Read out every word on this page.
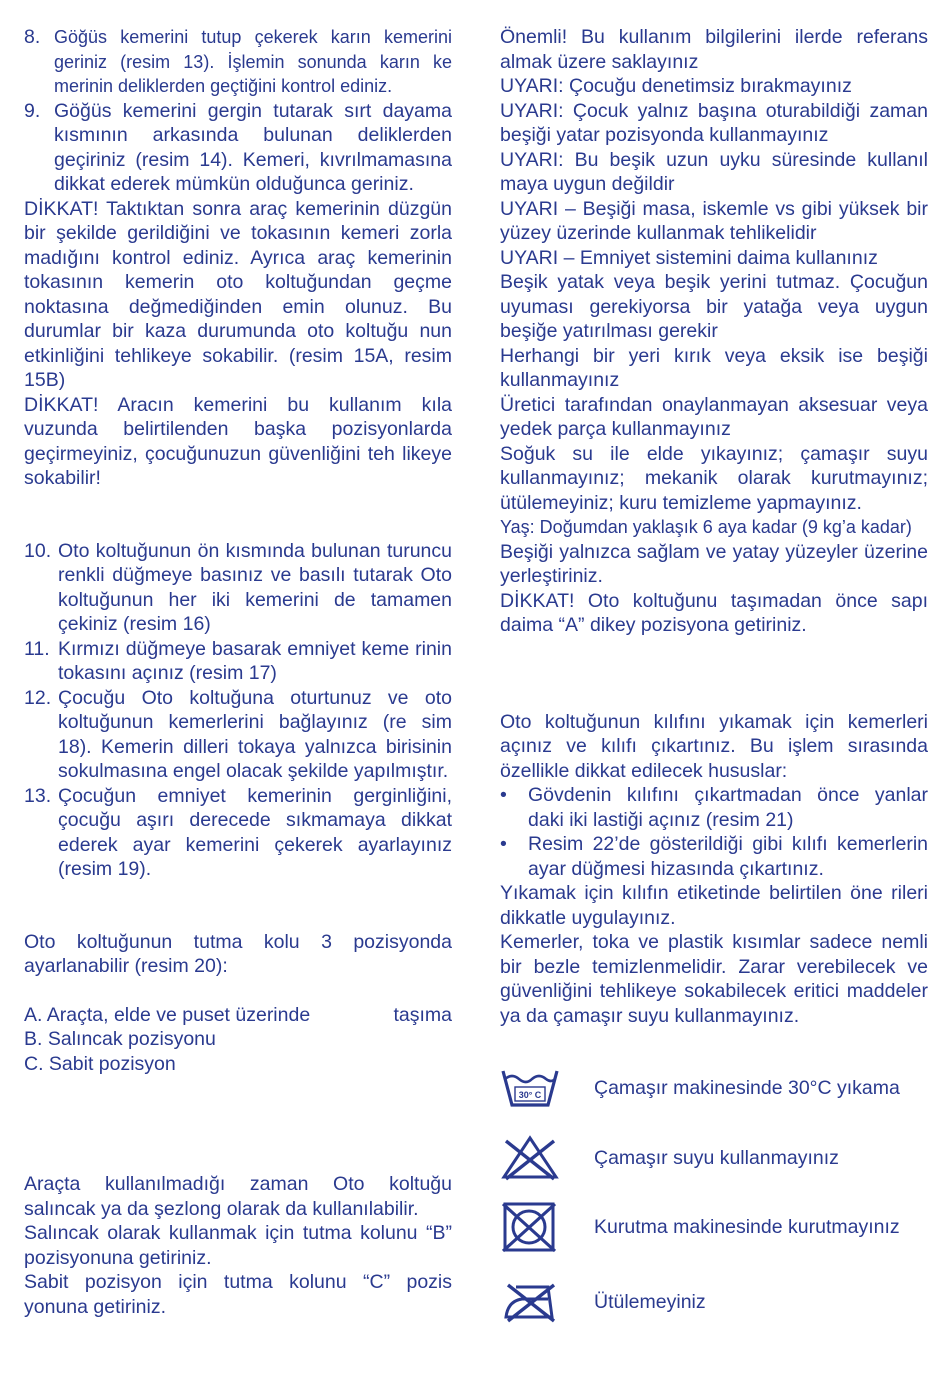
8. Göğüs kemerini tutup çekerek karın kemerini geriniz (resim 13). İşlemin sonunda karın ke merinin deliklerden geçtiğini kontrol ediniz.
9. Göğüs kemerini gergin tutarak sırt dayama kısmının arkasında bulunan deliklerden geçiriniz (resim 14). Kemeri, kıvrılmamasına dikkat ederek mümkün olduğunca geriniz.

DİKKAT! Taktıktan sonra araç kemerinin düzgün bir şekilde gerildiğini ve tokasının kemeri zorla madığını kontrol ediniz. Ayrıca araç kemerinin tokasının kemerin oto koltuğundan geçme noktasına değmediğinden emin olunuz. Bu durumlar bir kaza durumunda oto koltuğu nun etkinliğini tehlikeye sokabilir. (resim 15A, resim 15B)

DİKKAT! Aracın kemerini bu kullanım kıla vuzunda belirtilenden başka pozisyonlarda geçirmeyiniz, çocuğunuzun güvenliğini teh likeye sokabilir!

10. Oto koltuğunun ön kısmında bulunan turuncu renkli düğmeye basınız ve basılı tutarak Oto koltuğunun her iki kemerini de tamamen çekiniz (resim 16)
11. Kırmızı düğmeye basarak emniyet keme rinin tokasını açınız (resim 17)
12. Çocuğu Oto koltuğuna oturtunuz ve oto koltuğunun kemerlerini bağlayınız (re sim 18). Kemerin dilleri tokaya yalnızca birisinin sokulmasına engel olacak şekilde yapılmıştır.
13. Çocuğun emniyet kemerinin gerginliğini, çocuğu aşırı derecede sıkmamaya dikkat ederek ayar kemerini çekerek ayarlayınız (resim 19).

Oto koltuğunun tutma kolu 3 pozisyonda ayarlanabilir (resim 20):

A. Araçta, elde ve puset üzerinde	taşıma
B. Salıncak pozisyonu
C. Sabit pozisyon

Araçta kullanılmadığı zaman Oto koltuğu salıncak ya da şezlong olarak da kullanılabilir.

Salıncak olarak kullanmak için tutma kolunu “B” pozisyonuna getiriniz.

Sabit pozisyon için tutma kolunu “C” pozis yonuna getiriniz.

Önemli! Bu kullanım bilgilerini ilerde referans almak üzere saklayınız

UYARI: Çocuğu denetimsiz bırakmayınız

UYARI: Çocuk yalnız başına oturabildiği zaman beşiği yatar pozisyonda kullanmayınız

UYARI: Bu beşik uzun uyku süresinde kullanıl maya uygun değildir

UYARI – Beşiği masa, iskemle vs gibi yüksek bir yüzey üzerinde kullanmak tehlikelidir

UYARI – Emniyet sistemini daima kullanınız

Beşik yatak veya beşik yerini tutmaz. Çocuğun uyuması gerekiyorsa bir yatağa veya uygun beşiğe yatırılması gerekir

Herhangi bir yeri kırık veya eksik ise beşiği kullanmayınız

Üretici tarafından onaylanmayan aksesuar veya yedek parça kullanmayınız

Soğuk su ile elde yıkayınız; çamaşır suyu kullanmayınız; mekanik olarak kurutmayınız; ütülemeyiniz; kuru temizleme yapmayınız.

Yaş: Doğumdan yaklaşık 6 aya kadar (9 kg’a kadar)

Beşiği yalnızca sağlam ve yatay yüzeyler üzerine yerleştiriniz.

DİKKAT! Oto koltuğunu taşımadan önce sapı daima “A” dikey pozisyona getiriniz.

Oto koltuğunun kılıfını yıkamak için kemerleri açınız ve kılıfı çıkartınız. Bu işlem sırasında özellikle dikkat edilecek hususlar:

•	Gövdenin kılıfını çıkartmadan önce yanlar daki iki lastiği açınız (resim 21)
•	Resim 22’de gösterildiği gibi kılıfı kemerlerin ayar düğmesi hizasında çıkartınız.

Yıkamak için kılıfın etiketinde belirtilen öne rileri dikkatle uygulayınız.

Kemerler, toka ve plastik kısımlar sadece nemli bir bezle temizlenmelidir. Zarar verebilecek ve güvenliğini tehlikeye sokabilecek eritici maddeler ya da çamaşır suyu kullanmayınız.

30° C	Çamaşır makinesinde 30°C yıkama
Çamaşır suyu kullanmayınız
Kurutma makinesinde kurutmayınız
Ütülemeyiniz
